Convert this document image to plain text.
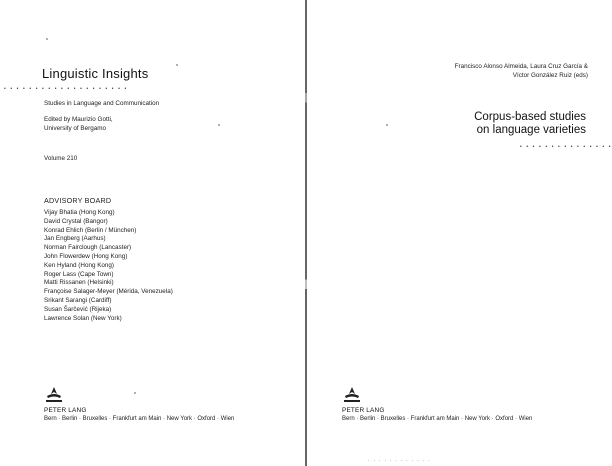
Linguistic Insights
• • • • • • • • • • • • • • • • • • • •
Studies in Language and Communication
Edited by Maurizio Gotti,
University of Bergamo
Volume 210
ADVISORY BOARD
Vijay Bhatia (Hong Kong)
David Crystal (Bangor)
Konrad Ehlich (Berlin / München)
Jan Engberg (Aarhus)
Norman Fairclough (Lancaster)
John Flowerdew (Hong Kong)
Ken Hyland (Hong Kong)
Roger Lass (Cape Town)
Matti Rissanen (Helsinki)
Françoise Salager-Meyer (Mérida, Venezuela)
Srikant Sarangi (Cardiff)
Susan Šarčević (Rijeka)
Lawrence Solan (New York)
PETER LANG
Bern · Berlin · Bruxelles · Frankfurt am Main · New York · Oxford · Wien
Francisco Alonso Almeida, Laura Cruz García &
Víctor González Ruiz (eds)
Corpus-based studies
on language varieties
• • • • • • • • • • • • • • •
PETER LANG
Bern · Berlin · Bruxelles · Frankfurt am Main · New York · Oxford · Wien
· · · · · · · · · · · ·
